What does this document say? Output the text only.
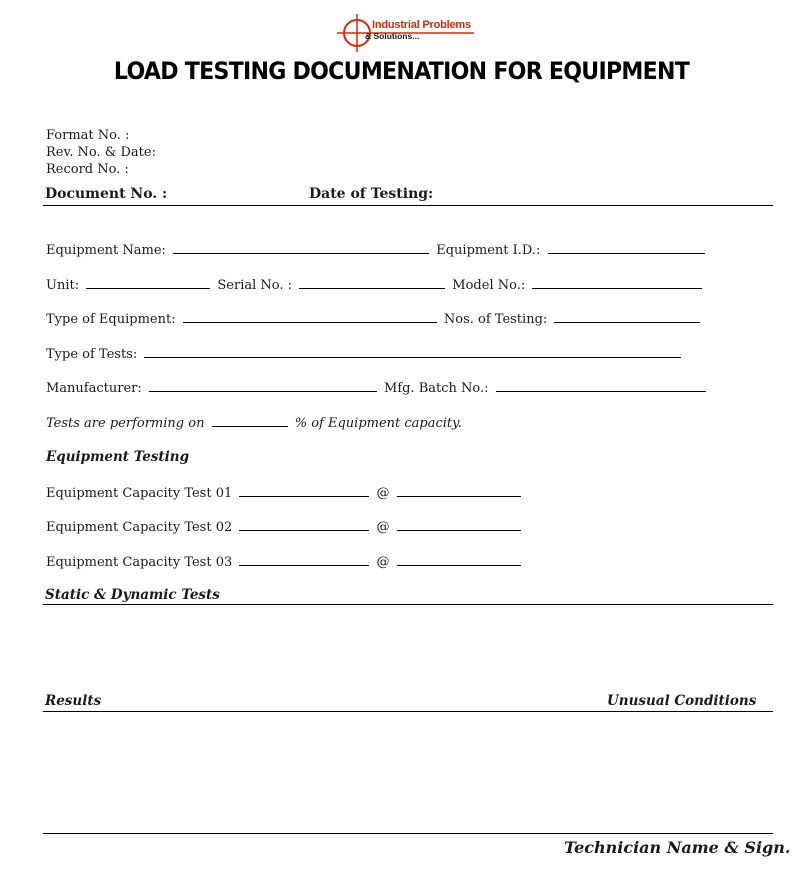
Industrial Problems
& Solutions...
LOAD TESTING DOCUMENATION FOR EQUIPMENT
Format No. :
Rev. No. & Date:
Record No. :
Document No. :	Date of Testing:
Equipment Name:	Equipment I.D.:
Unit:	Serial No. :	Model No.:
Type of Equipment:	Nos. of Testing:
Type of Tests:
Manufacturer:	Mfg. Batch No.:
Tests are performing on	% of Equipment capacity.
Equipment Testing
Equipment Capacity Test 01	@
Equipment Capacity Test 02	@
Equipment Capacity Test 03	@
Static & Dynamic Tests
Results	Unusual Conditions
Technician Name & Sign.
